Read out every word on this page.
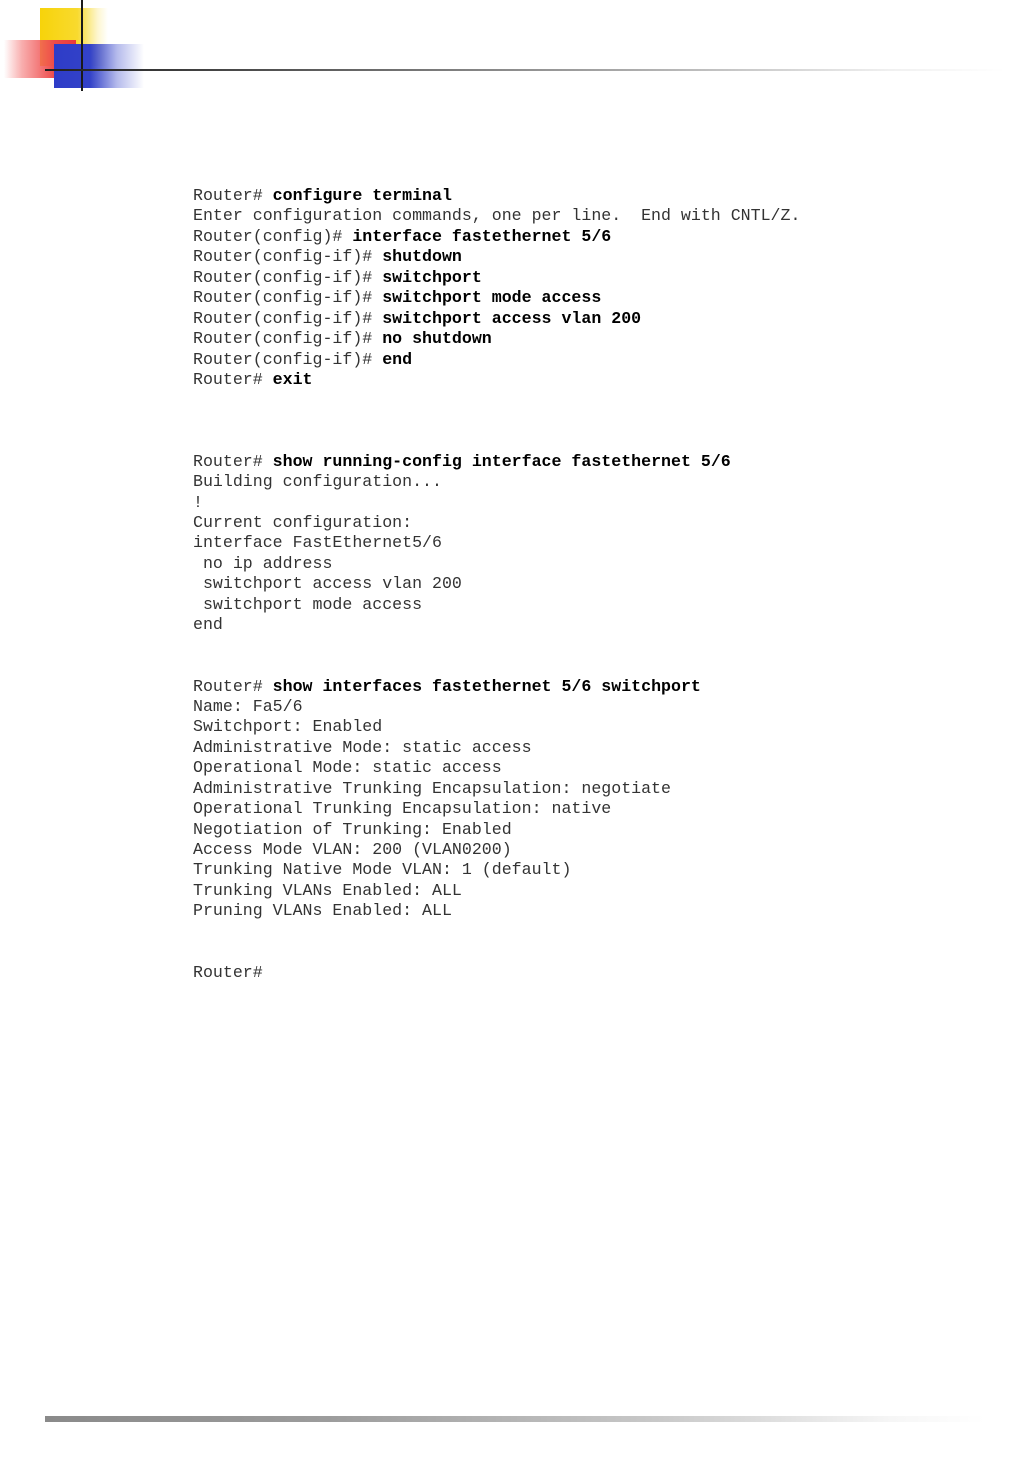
Router# configure terminal
Enter configuration commands, one per line.  End with CNTL/Z.
Router(config)# interface fastethernet 5/6
Router(config-if)# shutdown
Router(config-if)# switchport
Router(config-if)# switchport mode access
Router(config-if)# switchport access vlan 200
Router(config-if)# no shutdown
Router(config-if)# end
Router# exit
Router# show running-config interface fastethernet 5/6
Building configuration...
!
Current configuration:
interface FastEthernet5/6
no ip address
switchport access vlan 200
switchport mode access
end
Router# show interfaces fastethernet 5/6 switchport
Name: Fa5/6
Switchport: Enabled
Administrative Mode: static access
Operational Mode: static access
Administrative Trunking Encapsulation: negotiate
Operational Trunking Encapsulation: native
Negotiation of Trunking: Enabled
Access Mode VLAN: 200 (VLAN0200)
Trunking Native Mode VLAN: 1 (default)
Trunking VLANs Enabled: ALL
Pruning VLANs Enabled: ALL
Router#
